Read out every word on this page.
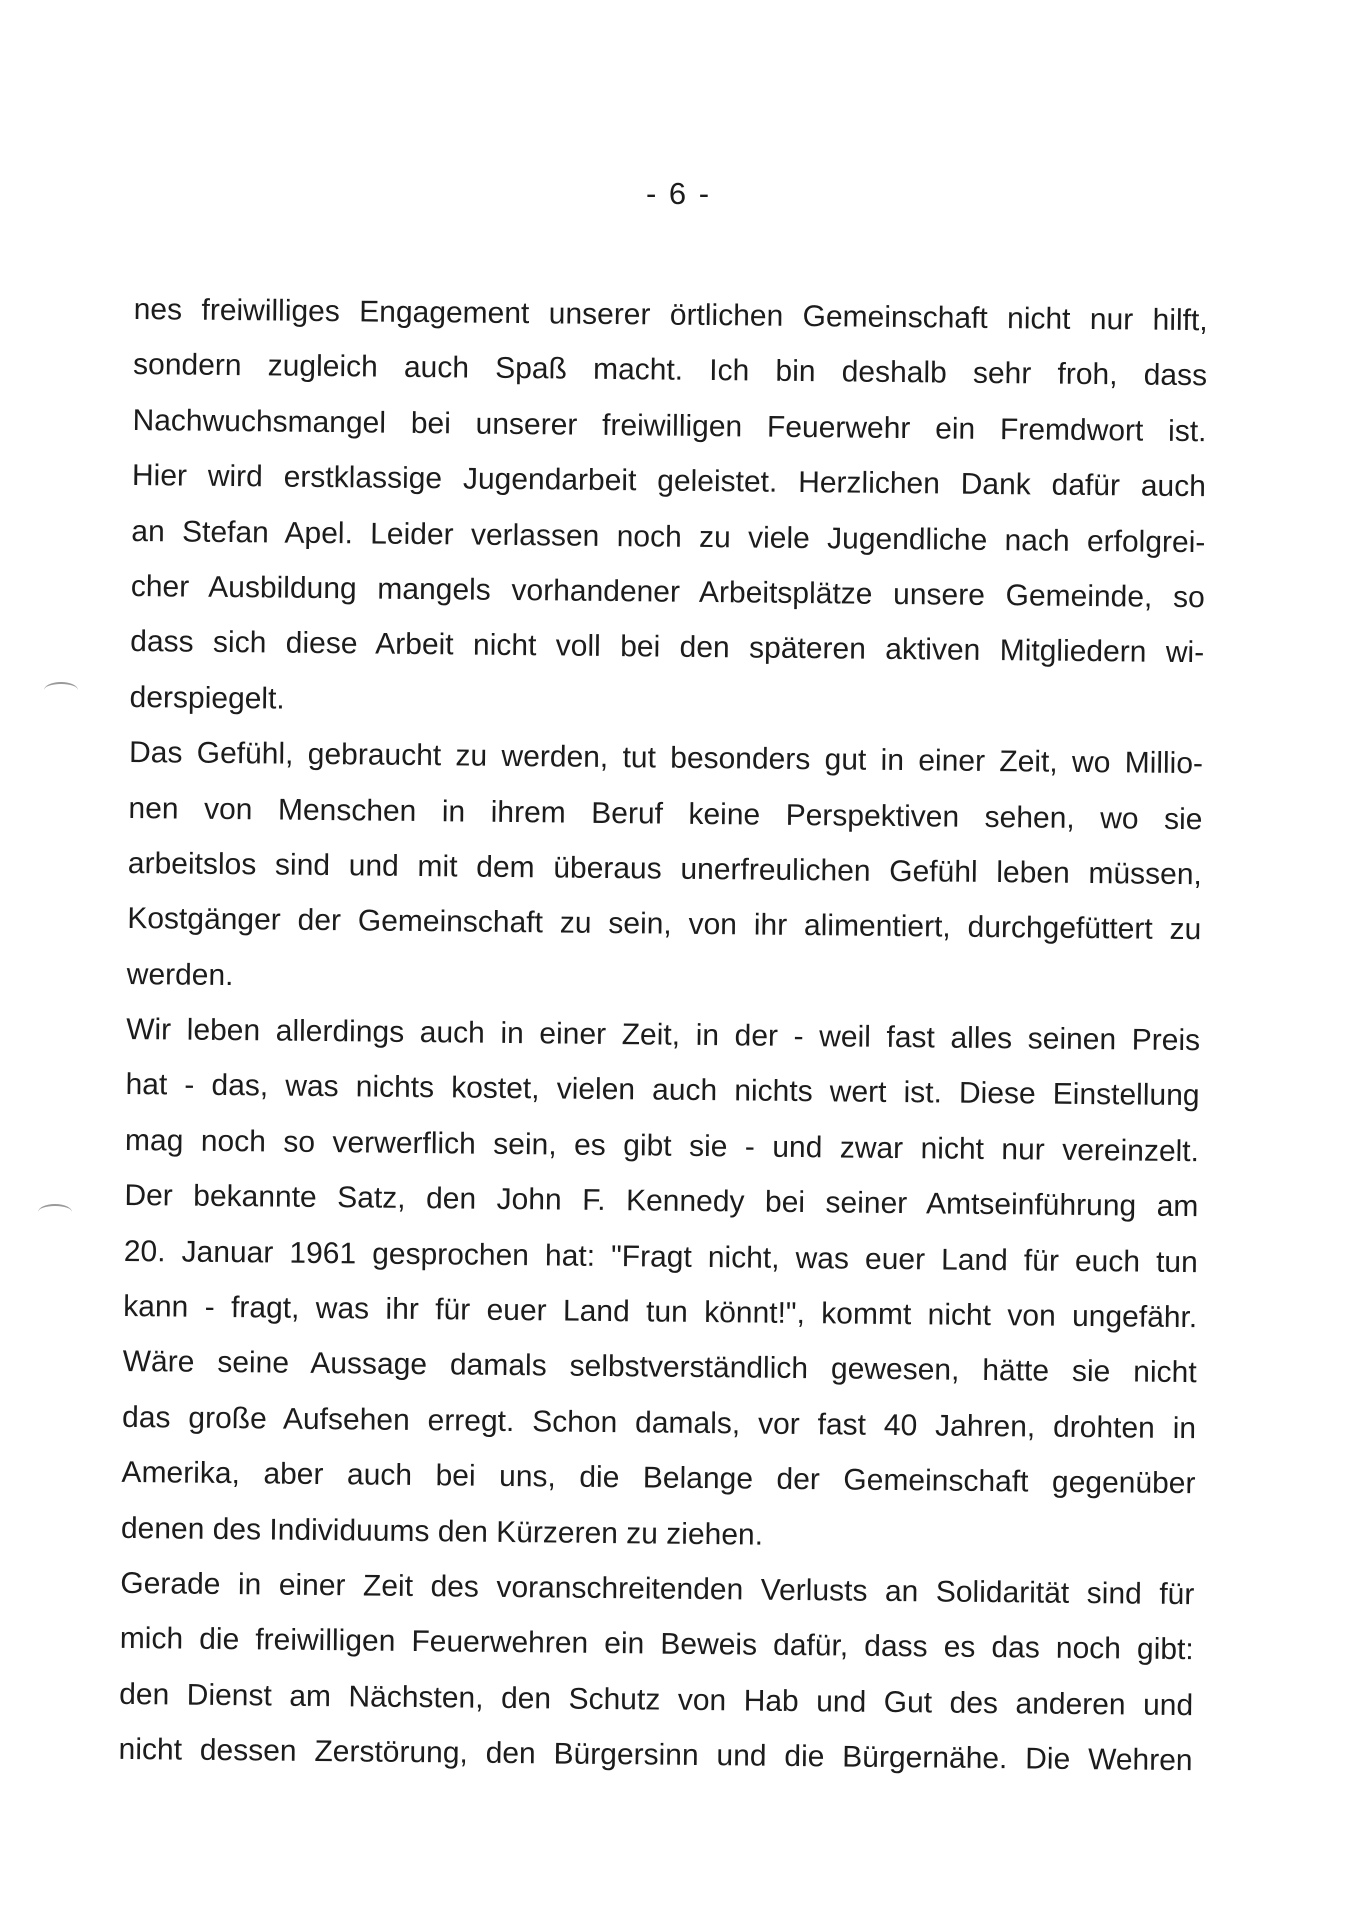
- 6 -
nes freiwilliges Engagement unserer örtlichen Gemeinschaft nicht nur hilft,
sondern zugleich auch Spaß macht. Ich bin deshalb sehr froh, dass
Nachwuchsmangel bei unserer freiwilligen Feuerwehr ein Fremdwort ist.
Hier wird erstklassige Jugendarbeit geleistet. Herzlichen Dank dafür auch
an Stefan Apel. Leider verlassen noch zu viele Jugendliche nach erfolgrei-
cher Ausbildung mangels vorhandener Arbeitsplätze unsere Gemeinde, so
dass sich diese Arbeit nicht voll bei den späteren aktiven Mitgliedern wi-
derspiegelt.
Das Gefühl, gebraucht zu werden, tut besonders gut in einer Zeit, wo Millio-
nen von Menschen in ihrem Beruf keine Perspektiven sehen, wo sie
arbeitslos sind und mit dem überaus unerfreulichen Gefühl leben müssen,
Kostgänger der Gemeinschaft zu sein, von ihr alimentiert, durchgefüttert zu
werden.
Wir leben allerdings auch in einer Zeit, in der - weil fast alles seinen Preis
hat - das, was nichts kostet, vielen auch nichts wert ist. Diese Einstellung
mag noch so verwerflich sein, es gibt sie - und zwar nicht nur vereinzelt.
Der bekannte Satz, den John F. Kennedy bei seiner Amtseinführung am
20. Januar 1961 gesprochen hat: "Fragt nicht, was euer Land für euch tun
kann - fragt, was ihr für euer Land tun könnt!", kommt nicht von ungefähr.
Wäre seine Aussage damals selbstverständlich gewesen, hätte sie nicht
das große Aufsehen erregt. Schon damals, vor fast 40 Jahren, drohten in
Amerika, aber auch bei uns, die Belange der Gemeinschaft gegenüber
denen des Individuums den Kürzeren zu ziehen.
Gerade in einer Zeit des voranschreitenden Verlusts an Solidarität sind für
mich die freiwilligen Feuerwehren ein Beweis dafür, dass es das noch gibt:
den Dienst am Nächsten, den Schutz von Hab und Gut des anderen und
nicht dessen Zerstörung, den Bürgersinn und die Bürgernähe. Die Wehren
